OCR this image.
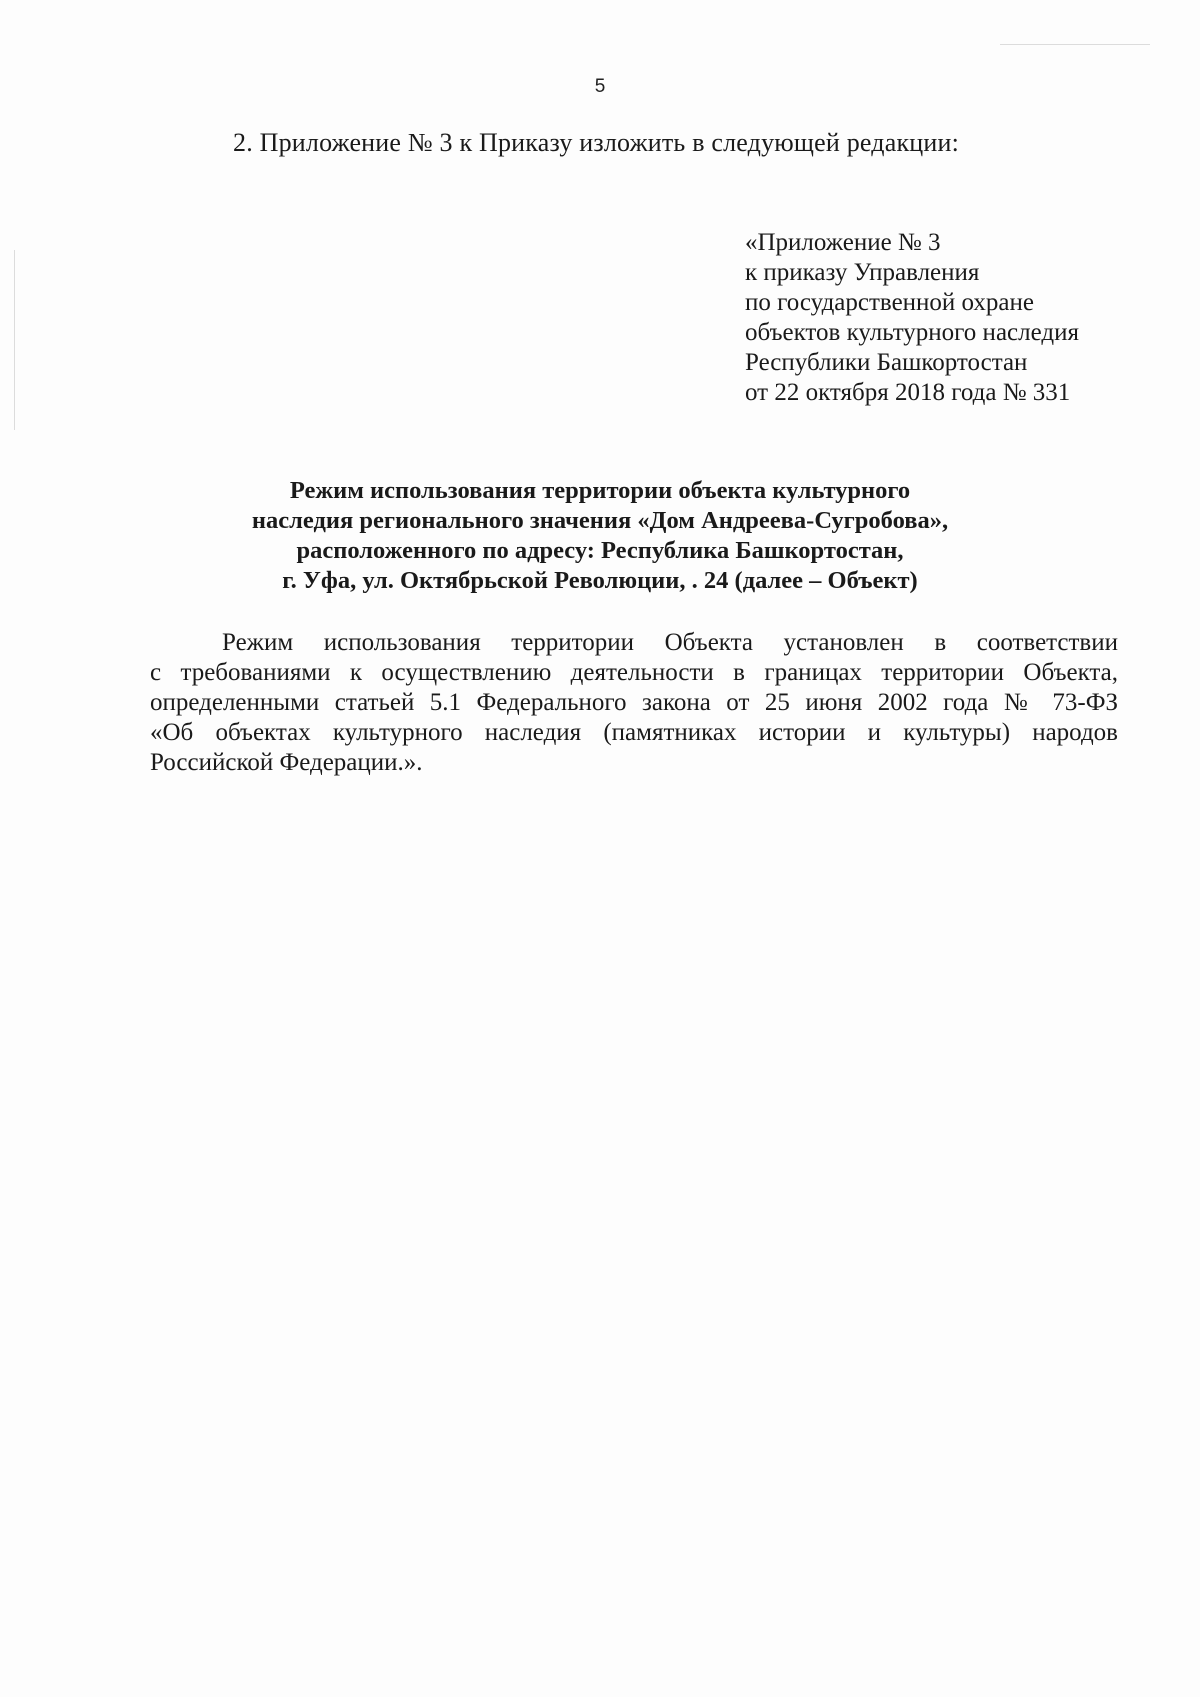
5
2. Приложение № 3 к Приказу изложить в следующей редакции:
«Приложение № 3
к приказу Управления
по государственной охране
объектов культурного наследия
Республики Башкортостан
от 22 октября 2018 года № 331
Режим использования территории объекта культурного
наследия регионального значения «Дом Андреева-Сугробова»,
расположенного по адресу: Республика Башкортостан,
г. Уфа, ул. Октябрьской Революции, . 24 (далее – Объект)
Режим использования территории Объекта установлен в соответствии
с требованиями к осуществлению деятельности в границах территории Объекта,
определенными статьей 5.1 Федерального закона от 25 июня 2002 года № 73-ФЗ
«Об объектах культурного наследия (памятниках истории и культуры) народов
Российской Федерации.».
